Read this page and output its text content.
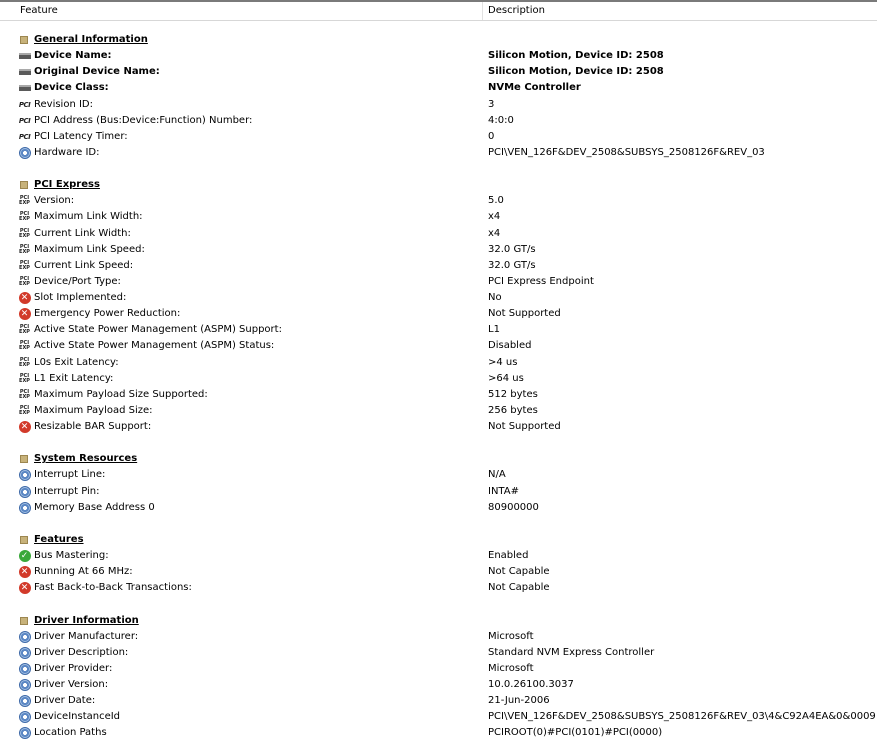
Feature	Description
General Information
Device Name:	Silicon Motion, Device ID: 2508
Original Device Name:	Silicon Motion, Device ID: 2508
Device Class:	NVMe Controller
PCI Revision ID:	3
PCI PCI Address (Bus:Device:Function) Number:	4:0:0
PCI PCI Latency Timer:	0
Hardware ID:	PCI\VEN_126F&DEV_2508&SUBSYS_2508126F&REV_03
PCI Express
PCI
EXP Version:	5.0
PCI
EXP Maximum Link Width:	x4
PCI
EXP Current Link Width:	x4
PCI
EXP Maximum Link Speed:	32.0 GT/s
PCI
EXP Current Link Speed:	32.0 GT/s
PCI
EXP Device/Port Type:	PCI Express Endpoint
✕ Slot Implemented:	No
✕ Emergency Power Reduction:	Not Supported
PCI
EXP Active State Power Management (ASPM) Support:	L1
PCI
EXP Active State Power Management (ASPM) Status:	Disabled
PCI
EXP L0s Exit Latency:	>4 us
PCI
EXP L1 Exit Latency:	>64 us
PCI
EXP Maximum Payload Size Supported:	512 bytes
PCI
EXP Maximum Payload Size:	256 bytes
✕ Resizable BAR Support:	Not Supported
System Resources
Interrupt Line:	N/A
Interrupt Pin:	INTA#
Memory Base Address 0	80900000
Features
✓ Bus Mastering:	Enabled
✕ Running At 66 MHz:	Not Capable
✕ Fast Back-to-Back Transactions:	Not Capable
Driver Information
Driver Manufacturer:	Microsoft
Driver Description:	Standard NVM Express Controller
Driver Provider:	Microsoft
Driver Version:	10.0.26100.3037
Driver Date:	21-Jun-2006
DeviceInstanceId	PCI\VEN_126F&DEV_2508&SUBSYS_2508126F&REV_03\4&C92A4EA&0&0009
Location Paths	PCIROOT(0)#PCI(0101)#PCI(0000)
